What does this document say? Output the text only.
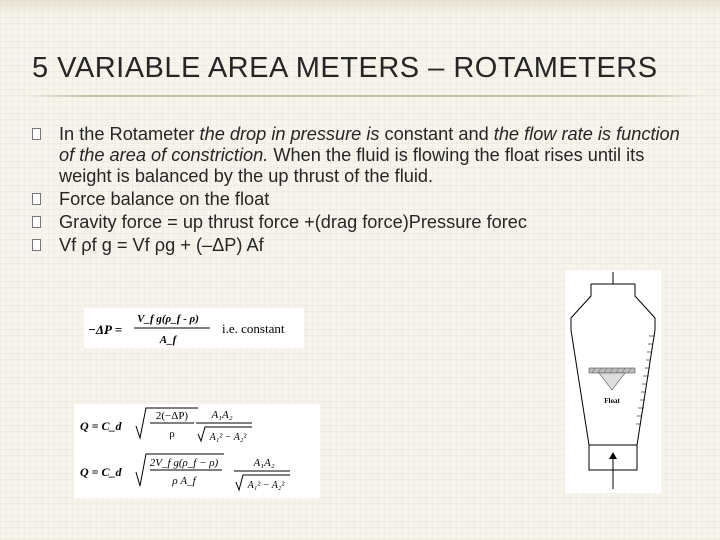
5 VARIABLE AREA METERS – ROTAMETERS
In the Rotameter the drop in pressure is constant and the flow rate is function of the area of constriction. When the fluid is flowing the float rises until its weight is balanced by the up thrust of the fluid.
Force balance on the float
Gravity force = up thrust force +(drag force)Pressure forec
Vf ρf g = Vf ρg + (–ΔP) Af
−ΔP =
V_f g(ρ_f - ρ)
A_f
i.e. constant
Q = C_d
2(−ΔP)
ρ
A₁A₂
A₁² − A₂²
Q = C_d
2V_f g(ρ_f − ρ)
ρ A_f
A₁A₂
A₁² − A₂²
Float
